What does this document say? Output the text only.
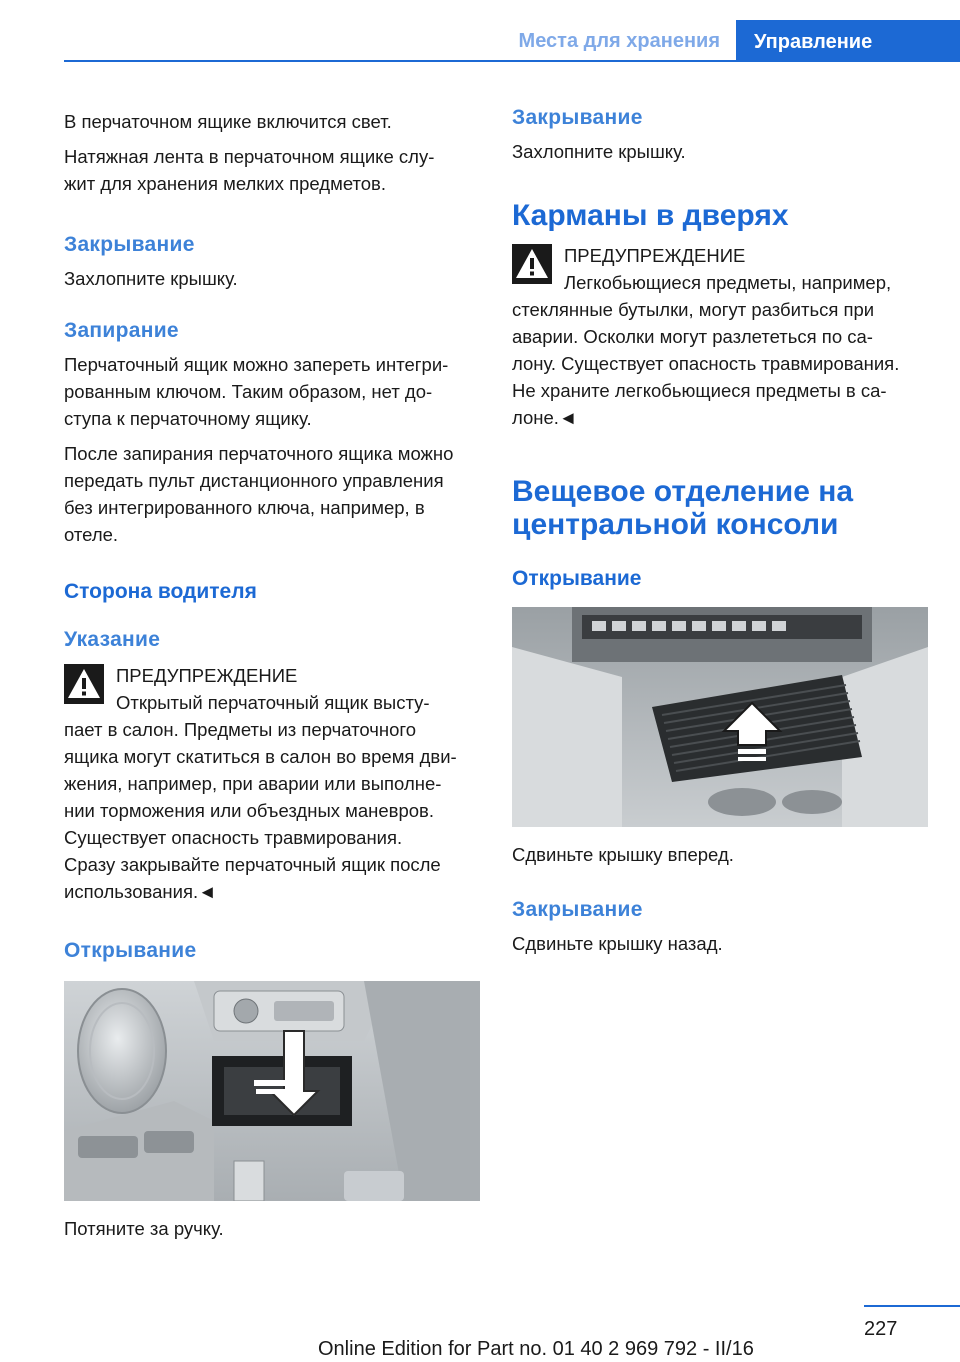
Места для хранения	Управление

В перчаточном ящике включится свет.

Натяжная лента в перчаточном ящике слу‐
жит для хранения мелких предметов.

Закрывание

Захлопните крышку.

Запирание

Перчаточный ящик можно запереть интегри‐
рованным ключом. Таким образом, нет до‐
ступа к перчаточному ящику.

После запирания перчаточного ящика можно
передать пульт дистанционного управления
без интегрированного ключа, например, в
отеле.

Сторона водителя
Указание
ПРЕДУПРЕЖДЕНИЕ
Открытый перчаточный ящик высту‐
пает в салон. Предметы из перчаточного
ящика могут скатиться в салон во время дви‐
жения, например, при аварии или выполне‐
нии торможения или объездных маневров.
Существует опасность травмирования.
Сразу закрывайте перчаточный ящик после
использования.◄
Открывание

Потяните за ручку.

Закрывание

Захлопните крышку.

Карманы в дверях
ПРЕДУПРЕЖДЕНИЕ
Легкобьющиеся предметы, например,
стеклянные бутылки, могут разбиться при
аварии. Осколки могут разлететься по са‐
лону. Существует опасность травмирования.
Не храните легкобьющиеся предметы в са‐
лоне.◄
Вещевое отделение на
центральной консоли
Открывание

Сдвиньте крышку вперед.

Закрывание

Сдвиньте крышку назад.

227
Online Edition for Part no. 01 40 2 969 792 - II/16
